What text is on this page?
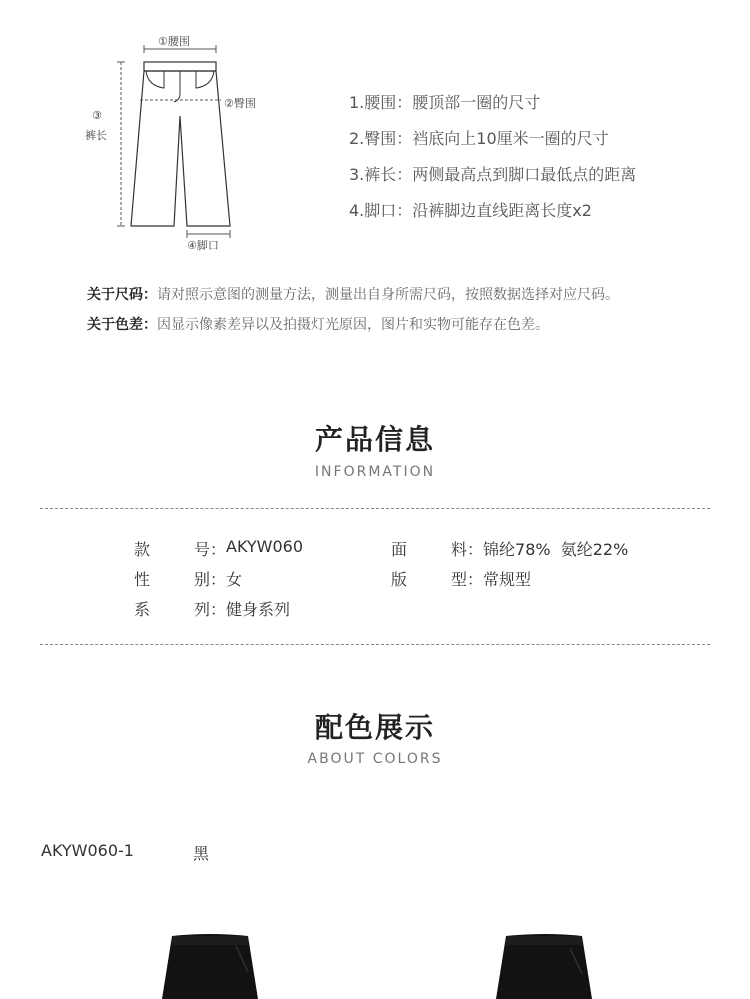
①腰围
②臀围
③
裤长
④脚口
1.腰围：腰顶部一圈的尺寸
2.臀围：裆底向上10厘米一圈的尺寸
3.裤长：两侧最高点到脚口最低点的距离
4.脚口：沿裤脚边直线距离长度x2
关于尺码：请对照示意图的测量方法，测量出自身所需尺码，按照数据选择对应尺码。
关于色差：因显示像素差异以及拍摄灯光原因，图片和实物可能存在色差。
产品信息
INFORMATION
款	号 ： AKYW060
性	别 ： 女
系	列 ： 健身系列
面	料 ： 锦纶78%  氨纶22%
版	型 ： 常规型
配色展示
ABOUT COLORS
AKYW060-1	黑
